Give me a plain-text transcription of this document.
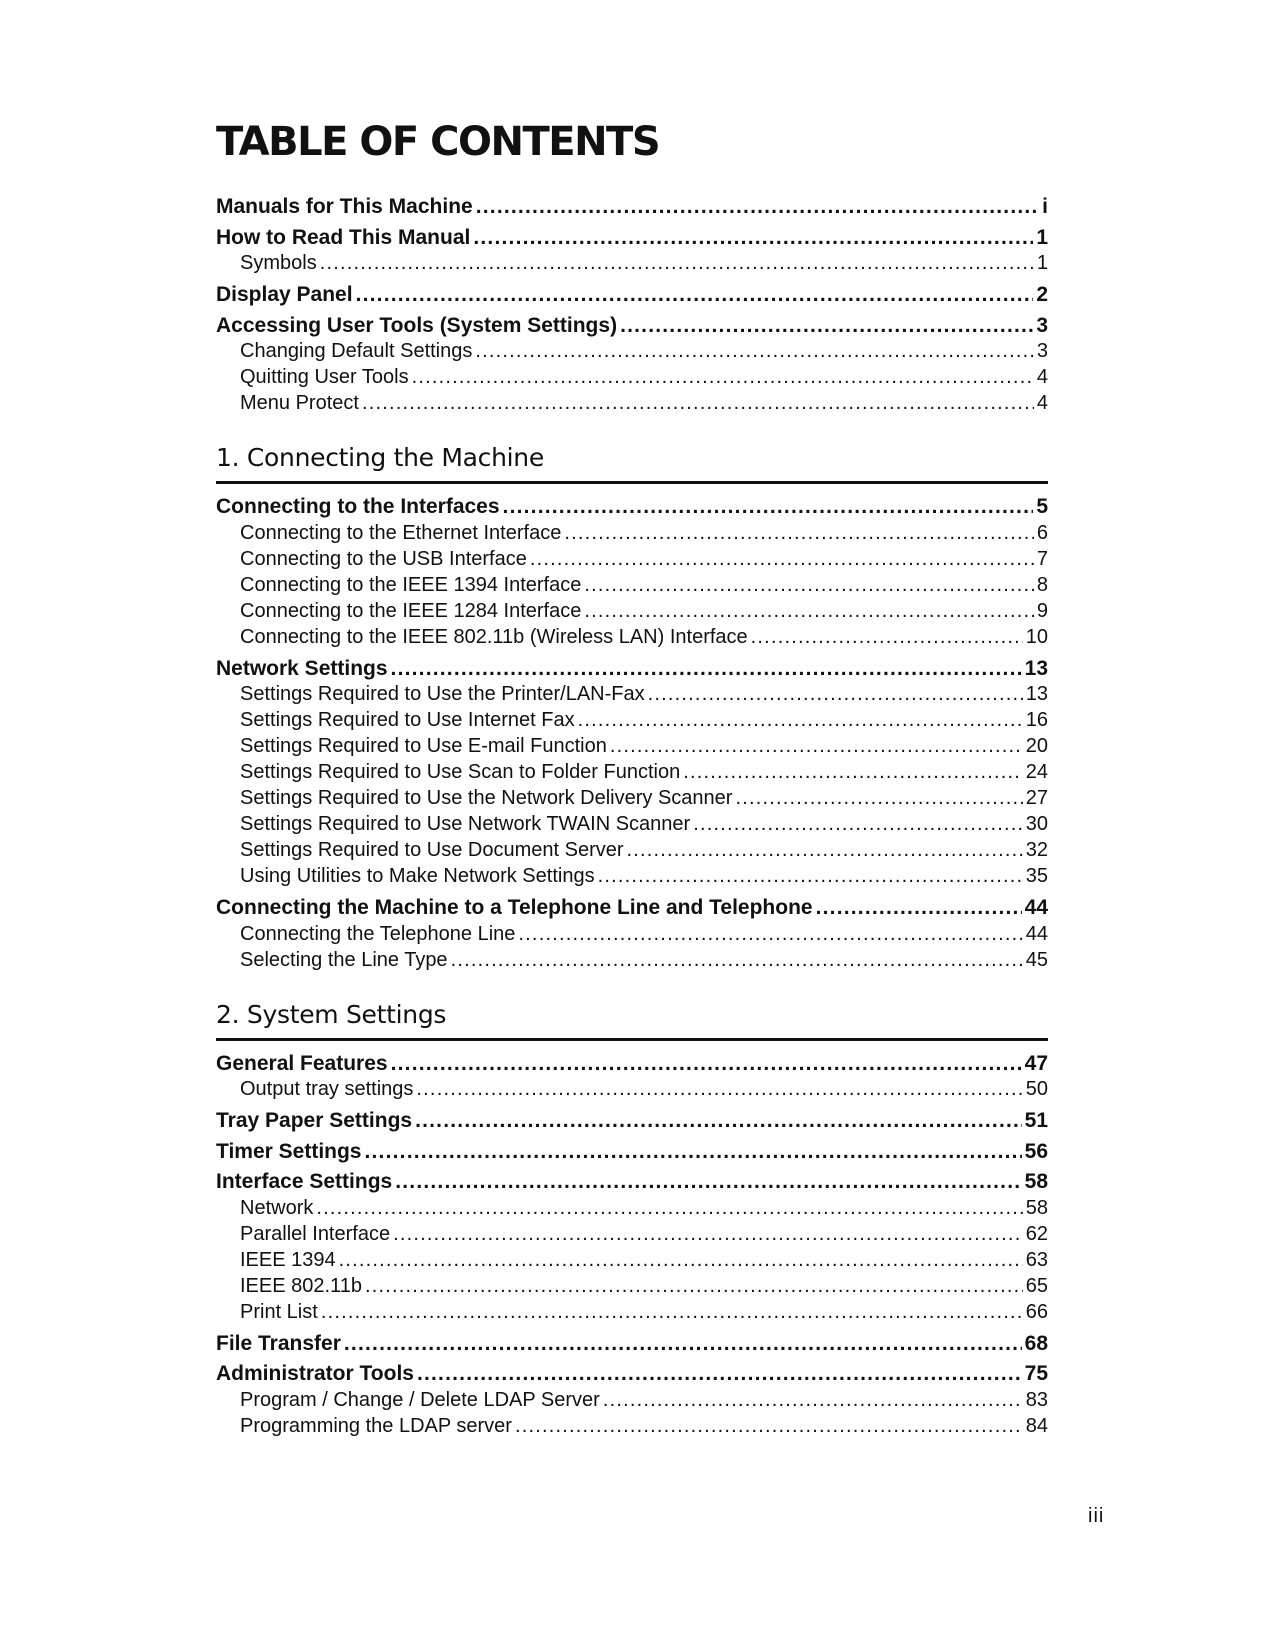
TABLE OF CONTENTS
Manuals for This Machine .....	i
How to Read This Manual .....	1
Symbols .....	1
Display Panel .....	2
Accessing User Tools (System Settings) .....	3
Changing Default Settings .....	3
Quitting User Tools .....	4
Menu Protect .....	4
1. Connecting the Machine
Connecting to the Interfaces .....	5
Connecting to the Ethernet Interface .....	6
Connecting to the USB Interface .....	7
Connecting to the IEEE 1394 Interface .....	8
Connecting to the IEEE 1284 Interface .....	9
Connecting to the IEEE 802.11b (Wireless LAN) Interface .....	10
Network Settings .....	13
Settings Required to Use the Printer/LAN-Fax .....	13
Settings Required to Use Internet Fax .....	16
Settings Required to Use E-mail Function .....	20
Settings Required to Use Scan to Folder Function .....	24
Settings Required to Use the Network Delivery Scanner .....	27
Settings Required to Use Network TWAIN Scanner .....	30
Settings Required to Use Document Server .....	32
Using Utilities to Make Network Settings .....	35
Connecting the Machine to a Telephone Line and Telephone .....	44
Connecting the Telephone Line .....	44
Selecting the Line Type .....	45
2. System Settings
General Features .....	47
Output tray settings .....	50
Tray Paper Settings .....	51
Timer Settings .....	56
Interface Settings .....	58
Network .....	58
Parallel Interface .....	62
IEEE 1394 .....	63
IEEE 802.11b .....	65
Print List .....	66
File Transfer .....	68
Administrator Tools .....	75
Program / Change / Delete LDAP Server .....	83
Programming the LDAP server .....	84
iii
